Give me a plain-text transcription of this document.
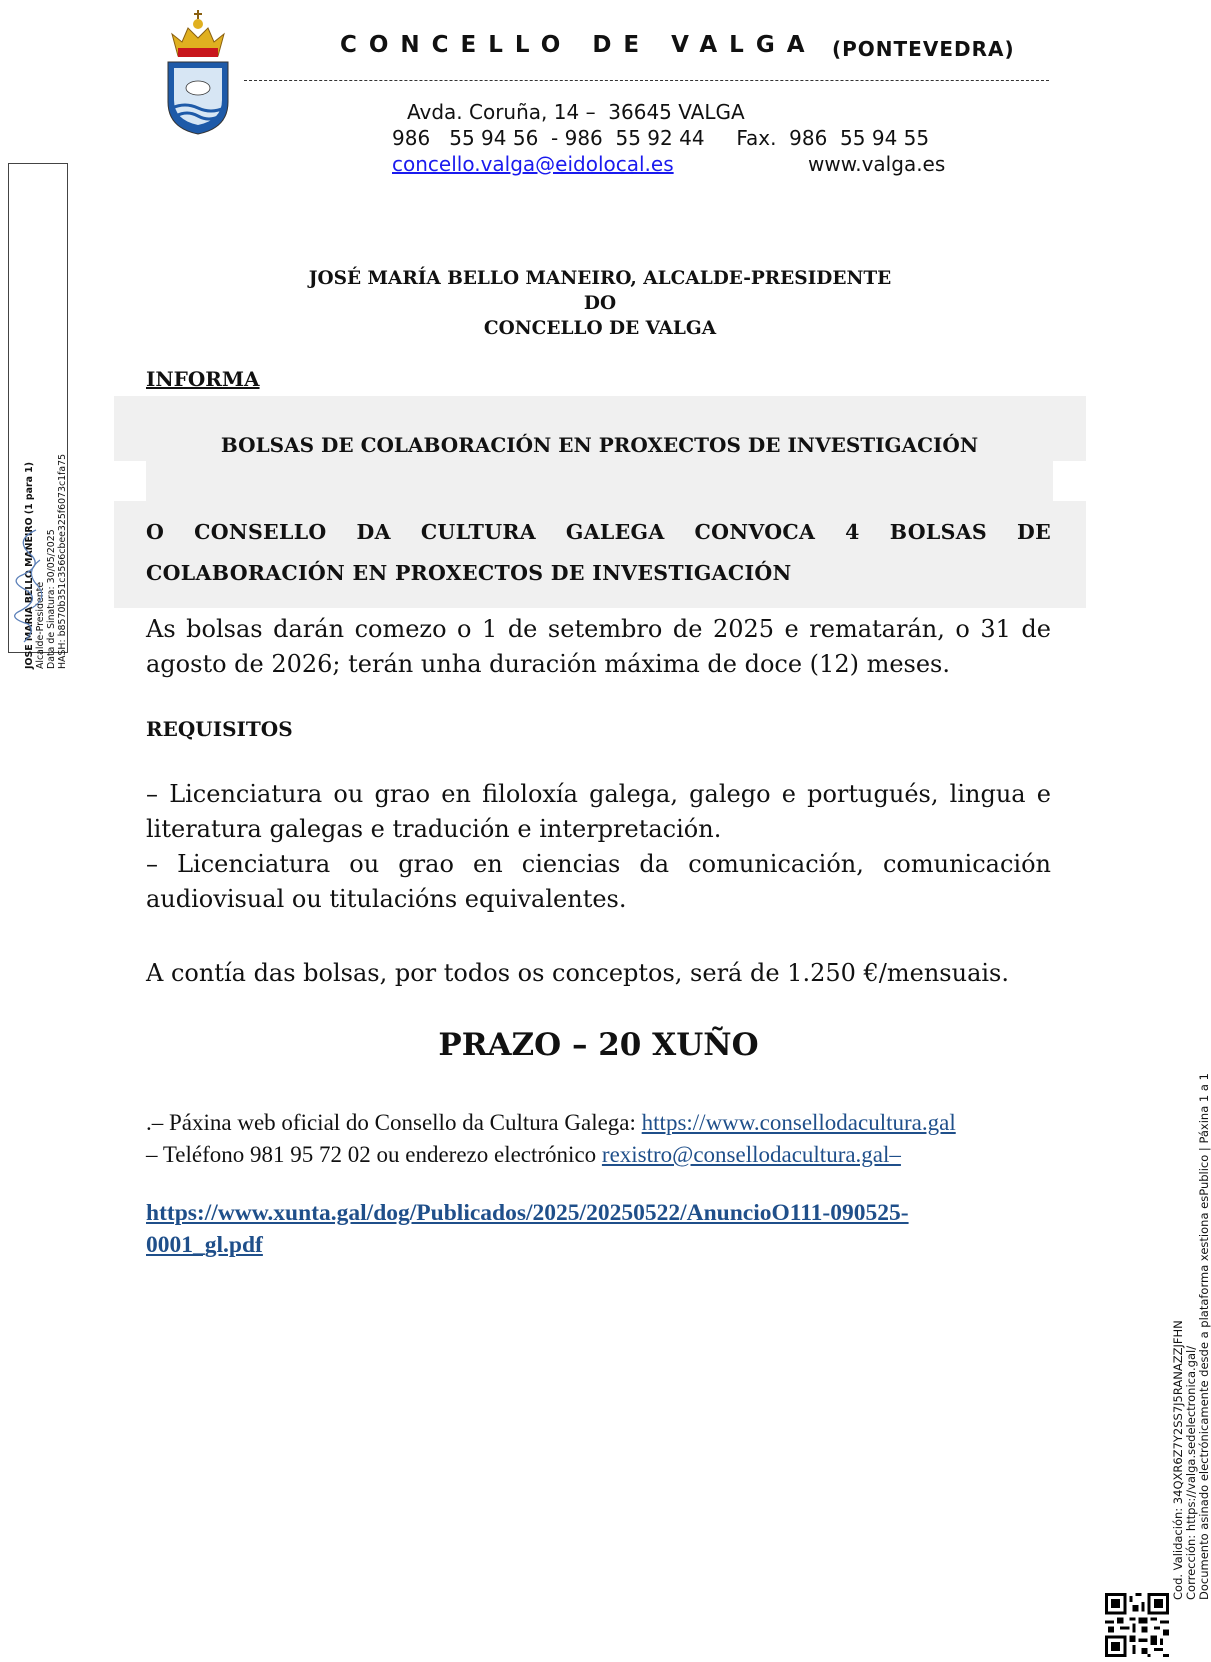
CONCELLO DE VALGA (PONTEVEDRA)
Avda. Coruña, 14 –  36645 VALGA
986   55 94 56  - 986  55 92 44     Fax.  986  55 94 55
concello.valga@eidolocal.es	www.valga.es
JOSE MARIA BELLO MANEIRO (1 para 1) Alcalde-Presidente Data de Sinatura: 30/05/2025 HASH: b8570b351c3566cbee325f6073c1fa75
JOSÉ MARÍA BELLO MANEIRO, ALCALDE-PRESIDENTE
DO
CONCELLO DE VALGA
INFORMA
BOLSAS DE COLABORACIÓN EN PROXECTOS DE INVESTIGACIÓN
O CONSELLO DA CULTURA GALEGA CONVOCA 4 BOLSAS DE COLABORACIÓN EN PROXECTOS DE INVESTIGACIÓN
As bolsas darán comezo o 1 de setembro de 2025 e rematarán, o 31 de agosto de 2026; terán unha duración máxima de doce (12) meses.
REQUISITOS
– Licenciatura ou grao en filoloxía galega, galego e portugués, lingua e literatura galegas e tradución e interpretación.
– Licenciatura ou grao en ciencias da comunicación, comunicación audiovisual ou titulacións equivalentes.
A contía das bolsas, por todos os conceptos, será de 1.250 €/mensuais.
PRAZO – 20 XUÑO
.– Páxina web oficial do Consello da Cultura Galega: https://www.consellodacultura.gal
– Teléfono 981 95 72 02 ou enderezo electrónico rexistro@consellodacultura.gal–
https://www.xunta.gal/dog/Publicados/2025/20250522/AnuncioO111-090525-0001_gl.pdf
Cod. Validación: 34QXR6Z7Y2SS7J5RANAZZJFHN Corrección: https://valga.sedelectronica.gal/ Documento asinado electrónicamente desde a plataforma xestiona esPublico | Páxina 1 a 1
